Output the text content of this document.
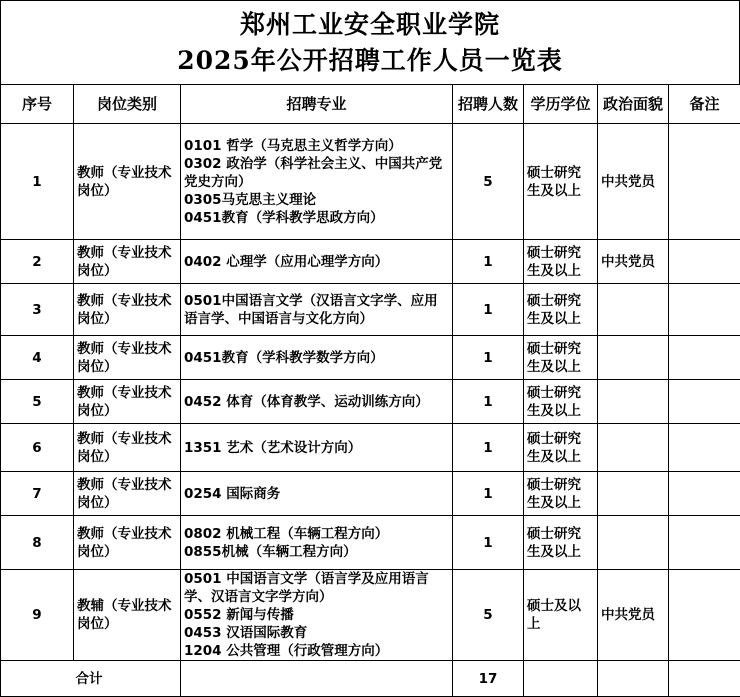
郑州工业安全职业学院
2025年公开招聘工作人员一览表
序号	岗位类别	招聘专业	招聘人数	学历学位	政治面貌	备注
1	教师（专业技术岗位）	0101 哲学（马克思主义哲学方向）
0302 政治学（科学社会主义、中国共产党党史方向）
0305马克思主义理论
0451教育（学科教学思政方向）	5	硕士研究生及以上	中共党员	
2	教师（专业技术岗位）	0402 心理学（应用心理学方向）	1	硕士研究生及以上	中共党员	
3	教师（专业技术岗位）	0501中国语言文学（汉语言文字学、应用语言学、中国语言与文化方向）	1	硕士研究生及以上		
4	教师（专业技术岗位）	0451教育（学科教学数学方向）	1	硕士研究生及以上		
5	教师（专业技术岗位）	0452 体育（体育教学、运动训练方向）	1	硕士研究生及以上		
6	教师（专业技术岗位）	1351 艺术（艺术设计方向）	1	硕士研究生及以上		
7	教师（专业技术岗位）	0254 国际商务	1	硕士研究生及以上		
8	教师（专业技术岗位）	0802 机械工程（车辆工程方向）
0855机械（车辆工程方向）	1	硕士研究生及以上		
9	教辅（专业技术岗位）	0501 中国语言文学（语言学及应用语言学、汉语言文字学方向）
0552 新闻与传播
0453 汉语国际教育
1204 公共管理（行政管理方向）	5	硕士及以上	中共党员	
合计			17			
